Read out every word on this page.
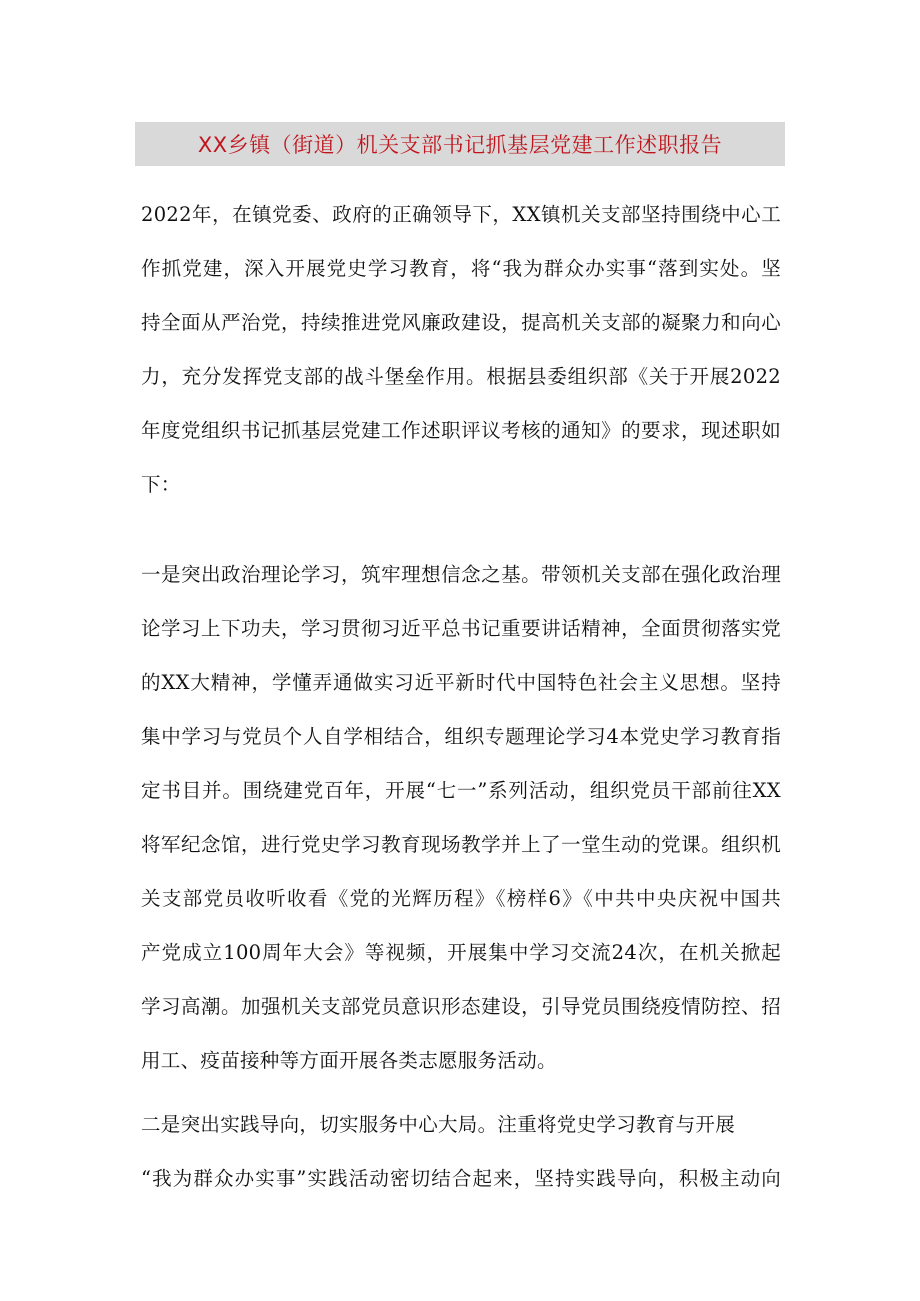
XX乡镇（街道）机关支部书记抓基层党建工作述职报告
2022年，在镇党委、政府的正确领导下，XX镇机关支部坚持围绕中心工
作抓党建，深入开展党史学习教育，将“我为群众办实事“落到实处。坚
持全面从严治党，持续推进党风廉政建设，提高机关支部的凝聚力和向心
力，充分发挥党支部的战斗堡垒作用。根据县委组织部《关于开展2022
年度党组织书记抓基层党建工作述职评议考核的通知》的要求，现述职如
下：
一是突出政治理论学习，筑牢理想信念之基。带领机关支部在强化政治理
论学习上下功夫，学习贯彻习近平总书记重要讲话精神，全面贯彻落实党
的XX大精神，学懂弄通做实习近平新时代中国特色社会主义思想。坚持
集中学习与党员个人自学相结合，组织专题理论学习4本党史学习教育指
定书目并。围绕建党百年，开展“七一”系列活动，组织党员干部前往XX
将军纪念馆，进行党史学习教育现场教学并上了一堂生动的党课。组织机
关支部党员收听收看《党的光辉历程》《榜样6》《中共中央庆祝中国共
产党成立100周年大会》等视频，开展集中学习交流24次，在机关掀起
学习高潮。加强机关支部党员意识形态建设，引导党员围绕疫情防控、招
用工、疫苗接种等方面开展各类志愿服务活动。
二是突出实践导向，切实服务中心大局。注重将党史学习教育与开展
“我为群众办实事”实践活动密切结合起来，坚持实践导向，积极主动向
